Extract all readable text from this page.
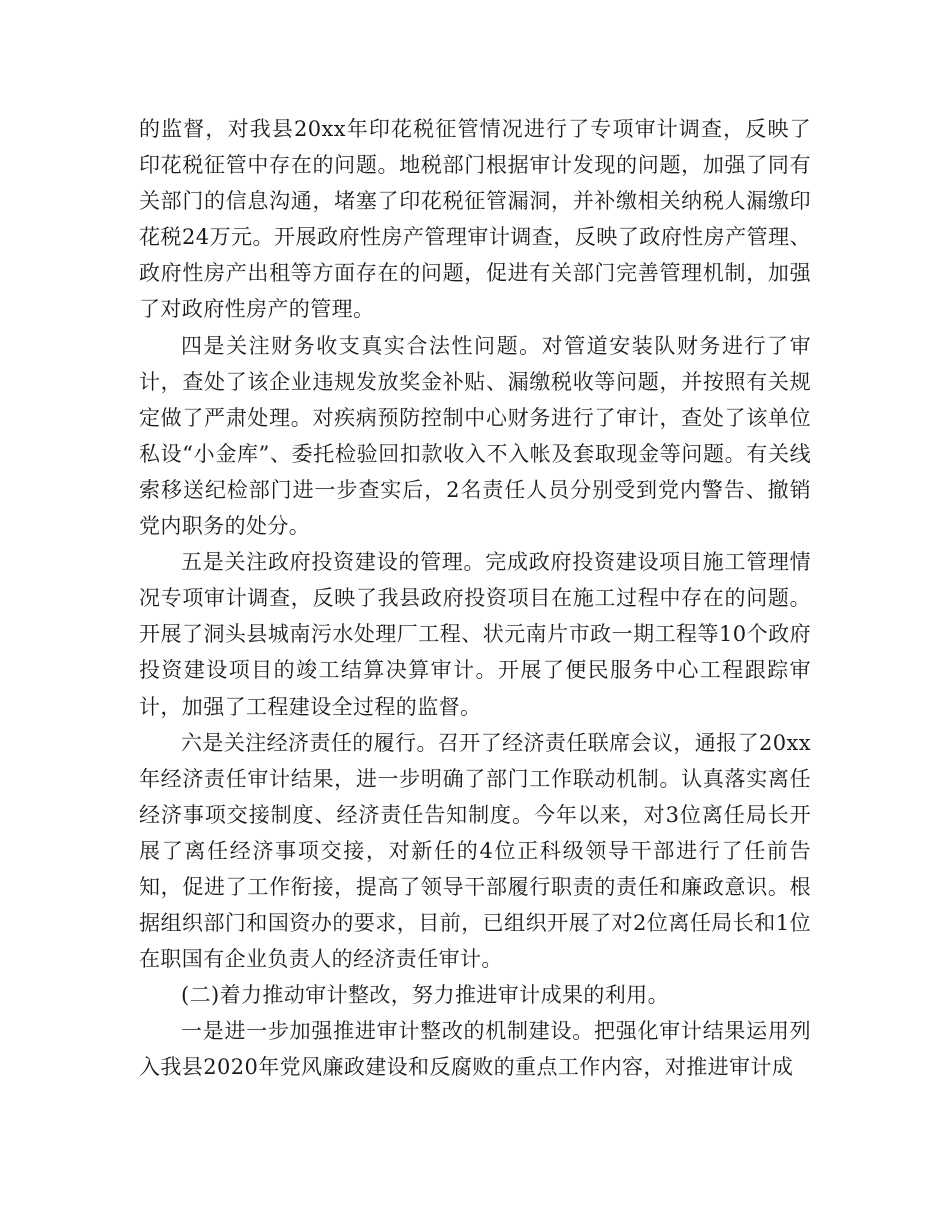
的监督，对我县20xx年印花税征管情况进行了专项审计调查，反映了印花税征管中存在的问题。地税部门根据审计发现的问题，加强了同有关部门的信息沟通，堵塞了印花税征管漏洞，并补缴相关纳税人漏缴印花税24万元。开展政府性房产管理审计调查，反映了政府性房产管理、政府性房产出租等方面存在的问题，促进有关部门完善管理机制，加强了对政府性房产的管理。

四是关注财务收支真实合法性问题。对管道安装队财务进行了审计，查处了该企业违规发放奖金补贴、漏缴税收等问题，并按照有关规定做了严肃处理。对疾病预防控制中心财务进行了审计，查处了该单位私设“小金库”、委托检验回扣款收入不入帐及套取现金等问题。有关线索移送纪检部门进一步查实后，2名责任人员分别受到党内警告、撤销党内职务的处分。

五是关注政府投资建设的管理。完成政府投资建设项目施工管理情况专项审计调查，反映了我县政府投资项目在施工过程中存在的问题。开展了洞头县城南污水处理厂工程、状元南片市政一期工程等10个政府投资建设项目的竣工结算决算审计。开展了便民服务中心工程跟踪审计，加强了工程建设全过程的监督。

六是关注经济责任的履行。召开了经济责任联席会议，通报了20xx年经济责任审计结果，进一步明确了部门工作联动机制。认真落实离任经济事项交接制度、经济责任告知制度。今年以来，对3位离任局长开展了离任经济事项交接，对新任的4位正科级领导干部进行了任前告知，促进了工作衔接，提高了领导干部履行职责的责任和廉政意识。根据组织部门和国资办的要求，目前，已组织开展了对2位离任局长和1位在职国有企业负责人的经济责任审计。

(二)着力推动审计整改，努力推进审计成果的利用。

一是进一步加强推进审计整改的机制建设。把强化审计结果运用列入我县2020年党风廉政建设和反腐败的重点工作内容，对推进审计成
